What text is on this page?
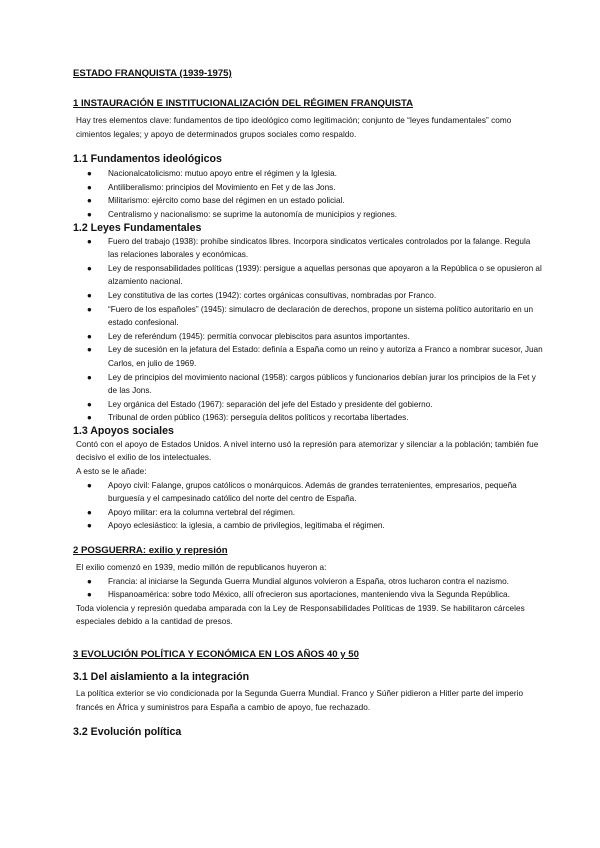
ESTADO FRANQUISTA (1939-1975)
1 INSTAURACIÓN E INSTITUCIONALIZACIÓN DEL RÉGIMEN FRANQUISTA

Hay tres elementos clave: fundamentos de tipo ideológico como legitimación; conjunto de “leyes fundamentales” como cimientos legales; y apoyo de determinados grupos sociales como respaldo.

1.1 Fundamentos ideológicos
● Nacionalcatolicismo: mutuo apoyo entre el régimen y la Iglesia.
● Antiliberalismo: principios del Movimiento en Fet y de las Jons.
● Militarismo: ejército como base del régimen en un estado policial.
● Centralismo y nacionalismo: se suprime la autonomía de municipios y regiones.
1.2 Leyes Fundamentales
● Fuero del trabajo (1938): prohíbe sindicatos libres. Incorpora sindicatos verticales controlados por la falange. Regula las relaciones laborales y económicas.
● Ley de responsabilidades políticas (1939): persigue a aquellas personas que apoyaron a la República o se opusieron al alzamiento nacional.
● Ley constitutiva de las cortes (1942): cortes orgánicas consultivas, nombradas por Franco.
● “Fuero de los españoles” (1945): simulacro de declaración de derechos, propone un sistema político autoritario en un estado confesional.
● Ley de referéndum (1945): permitía convocar plebiscitos para asuntos importantes.
● Ley de sucesión en la jefatura del Estado: definía a España como un reino y autoriza a Franco a nombrar sucesor, Juan Carlos, en julio de 1969.
● Ley de principios del movimiento nacional (1958): cargos públicos y funcionarios debían jurar los principios de la Fet y de las Jons.
● Ley orgánica del Estado (1967): separación del jefe del Estado y presidente del gobierno.
● Tribunal de orden público (1963): perseguía delitos políticos y recortaba libertades.
1.3 Apoyos sociales

Contó con el apoyo de Estados Unidos. A nivel interno usó la represión para atemorizar y silenciar a la población; también fue decisivo el exilio de los intelectuales.

A esto se le añade:

● Apoyo civil: Falange, grupos católicos o monárquicos. Además de grandes terratenientes, empresarios, pequeña burguesía y el campesinado católico del norte del centro de España.
● Apoyo militar: era la columna vertebral del régimen.
● Apoyo eclesiástico: la iglesia, a cambio de privilegios, legitimaba el régimen.
2 POSGUERRA: exilio y represión

El exilio comenzó en 1939, medio millón de republicanos huyeron a:

● Francia: al iniciarse la Segunda Guerra Mundial algunos volvieron a España, otros lucharon contra el nazismo.
● Hispanoamérica: sobre todo México, allí ofrecieron sus aportaciones, manteniendo viva la Segunda República.

Toda violencia y represión quedaba amparada con la Ley de Responsabilidades Políticas de 1939. Se habilitaron cárceles especiales debido a la cantidad de presos.

3 EVOLUCIÓN POLÍTICA Y ECONÓMICA EN LOS AÑOS 40 y 50
3.1 Del aislamiento a la integración

La política exterior se vio condicionada por la Segunda Guerra Mundial. Franco y Súñer pidieron a Hitler parte del imperio francés en África y suministros para España a cambio de apoyo, fue rechazado.

3.2 Evolución política
